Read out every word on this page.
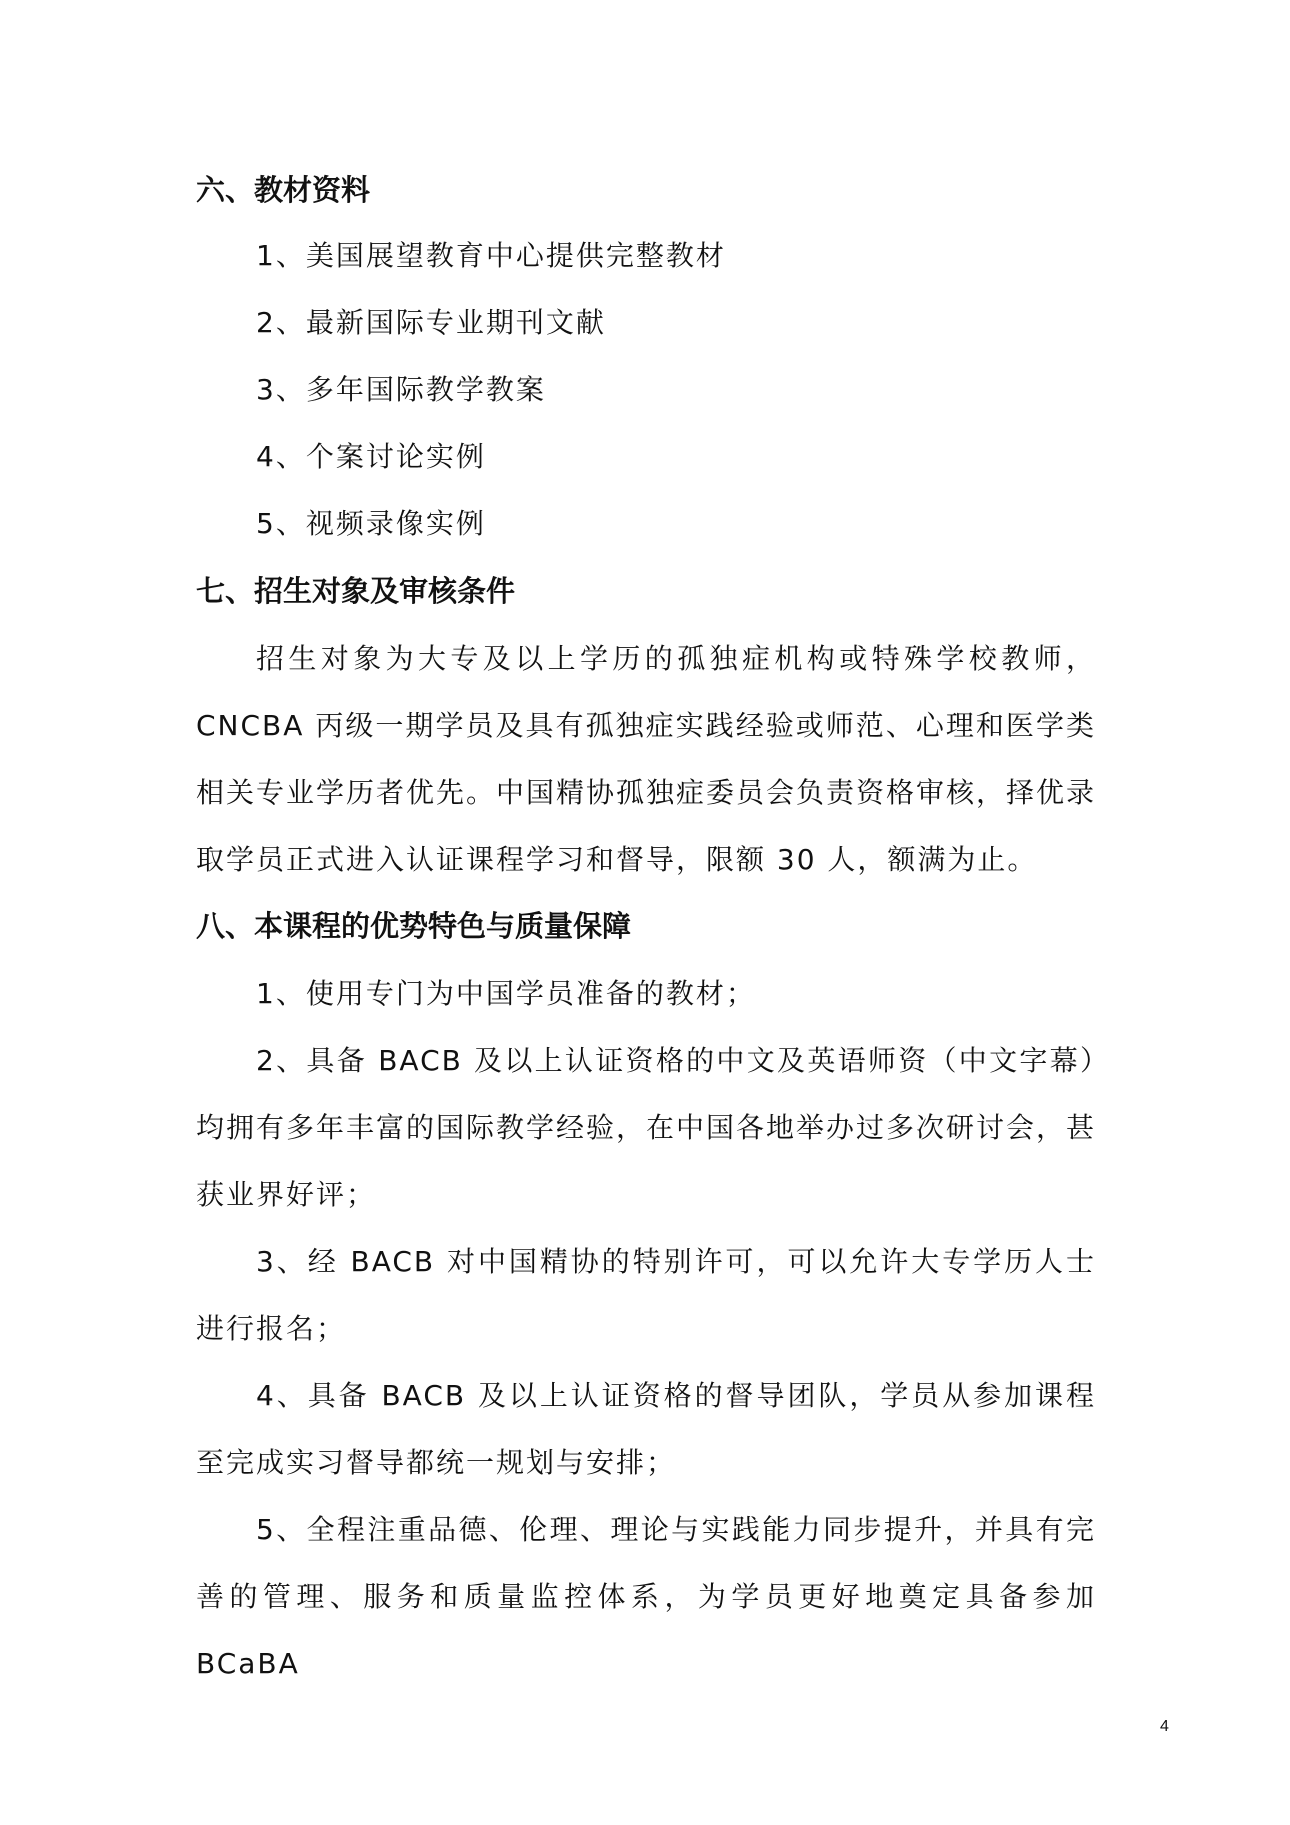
六、教材资料

1、美国展望教育中心提供完整教材

2、最新国际专业期刊文献

3、多年国际教学教案

4、个案讨论实例

5、视频录像实例

七、招生对象及审核条件

招生对象为大专及以上学历的孤独症机构或特殊学校教师，CNCBA 丙级一期学员及具有孤独症实践经验或师范、心理和医学类相关专业学历者优先。中国精协孤独症委员会负责资格审核，择优录取学员正式进入认证课程学习和督导，限额 30 人，额满为止。

八、本课程的优势特色与质量保障

1、使用专门为中国学员准备的教材；

2、具备 BACB 及以上认证资格的中文及英语师资（中文字幕）均拥有多年丰富的国际教学经验，在中国各地举办过多次研讨会，甚获业界好评；

3、经 BACB 对中国精协的特别许可，可以允许大专学历人士进行报名；

4、具备 BACB 及以上认证资格的督导团队，学员从参加课程至完成实习督导都统一规划与安排；

5、全程注重品德、伦理、理论与实践能力同步提升，并具有完善的管理、服务和质量监控体系，为学员更好地奠定具备参加 BCaBA

4
